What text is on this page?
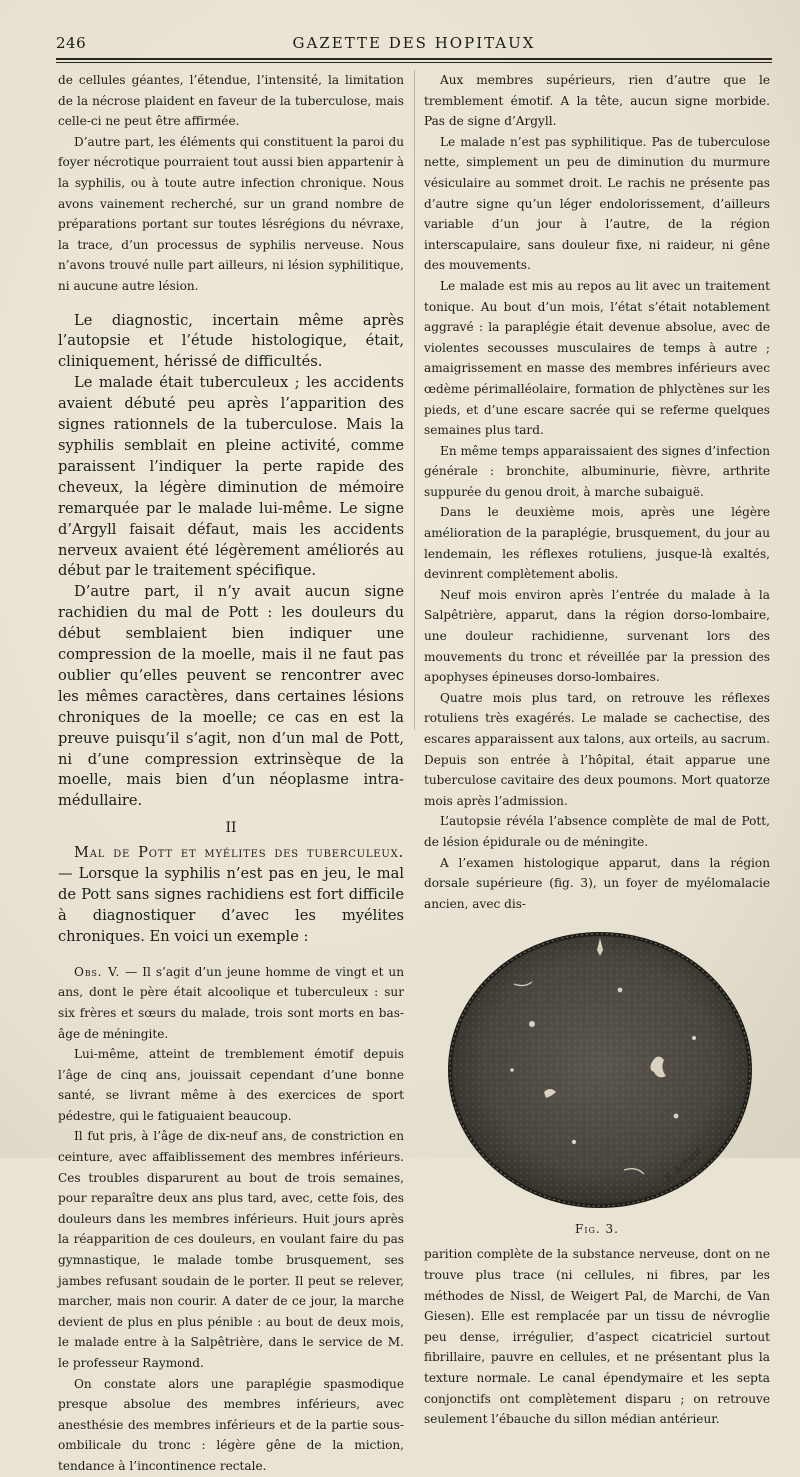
246	GAZETTE DES HOPITAUX

de cellules géantes, l’étendue, l’intensité, la limitation de la nécrose plaident en faveur de la tuberculose, mais celle-ci ne peut être affirmée.

D’autre part, les éléments qui constituent la paroi du foyer nécrotique pourraient tout aussi bien appartenir à la syphilis, ou à toute autre infection chronique. Nous avons vainement recherché, sur un grand nombre de préparations portant sur toutes lésrégions du névraxe, la trace, d’un processus de syphilis nerveuse. Nous n’avons trouvé nulle part ailleurs, ni lésion syphilitique, ni aucune autre lésion.

Le diagnostic, incertain même après l’autopsie et l’étude histologique, était, cliniquement, hérissé de difficultés.

Le malade était tuberculeux ; les accidents avaient débuté peu après l’apparition des signes rationnels de la tuberculose. Mais la syphilis semblait en pleine activité, comme paraissent l’indiquer la perte rapide des cheveux, la légère diminution de mémoire remarquée par le malade lui-même. Le signe d’Argyll faisait défaut, mais les accidents nerveux avaient été légèrement améliorés au début par le traitement spécifique.

D’autre part, il n’y avait aucun signe rachidien du mal de Pott : les douleurs du début semblaient bien indiquer une compression de la moelle, mais il ne faut pas oublier qu’elles peuvent se rencontrer avec les mêmes caractères, dans certaines lésions chroniques de la moelle; ce cas en est la preuve puisqu’il s’agit, non d’un mal de Pott, ni d’une compression extrinsèque de la moelle, mais bien d’un néoplasme intra-médullaire.

II

Mal de Pott et myélites des tuberculeux. — Lorsque la syphilis n’est pas en jeu, le mal de Pott sans signes rachidiens est fort difficile à diagnostiquer d’avec les myélites chroniques. En voici un exemple :

Obs. V. — Il s’agit d’un jeune homme de vingt et un ans, dont le père était alcoolique et tuberculeux : sur six frères et sœurs du malade, trois sont morts en bas-âge de méningite.

Lui-même, atteint de tremblement émotif depuis l’âge de cinq ans, jouissait cependant d’une bonne santé, se livrant même à des exercices de sport pédestre, qui le fatiguaient beaucoup.

Il fut pris, à l’âge de dix-neuf ans, de constriction en ceinture, avec affaiblissement des membres inférieurs. Ces troubles disparurent au bout de trois semaines, pour reparaître deux ans plus tard, avec, cette fois, des douleurs dans les membres inférieurs. Huit jours après la réapparition de ces douleurs, en voulant faire du pas gymnastique, le malade tombe brusquement, ses jambes refusant soudain de le porter. Il peut se relever, marcher, mais non courir. A dater de ce jour, la marche devient de plus en plus pénible : au bout de deux mois, le malade entre à la Salpêtrière, dans le service de M. le professeur Raymond.

On constate alors une paraplégie spasmodique presque absolue des membres inférieurs, avec anesthésie des membres inférieurs et de la partie sous-ombilicale du tronc : légère gêne de la miction, tendance à l’incontinence rectale.

Aux membres supérieurs, rien d’autre que le tremblement émotif. A la tête, aucun signe morbide. Pas de signe d’Argyll.

Le malade n’est pas syphilitique. Pas de tuberculose nette, simplement un peu de diminution du murmure vésiculaire au sommet droit. Le rachis ne présente pas d’autre signe qu’un léger endolorissement, d’ailleurs variable d’un jour à l’autre, de la région interscapulaire, sans douleur fixe, ni raideur, ni gêne des mouvements.

Le malade est mis au repos au lit avec un traitement tonique. Au bout d’un mois, l’état s’était notablement aggravé : la paraplégie était devenue absolue, avec de violentes secousses musculaires de temps à autre ; amaigrissement en masse des membres inférieurs avec œdème périmalléolaire, formation de phlyctènes sur les pieds, et d’une escare sacrée qui se referme quelques semaines plus tard.

En même temps apparaissaient des signes d’infection générale : bronchite, albuminurie, fièvre, arthrite suppurée du genou droit, à marche subaiguë.

Dans le deuxième mois, après une légère amélioration de la paraplégie, brusquement, du jour au lendemain, les réflexes rotuliens, jusque-là exaltés, devinrent complètement abolis.

Neuf mois environ après l’entrée du malade à la Salpêtrière, apparut, dans la région dorso-lombaire, une douleur rachidienne, survenant lors des mouvements du tronc et réveillée par la pression des apophyses épineuses dorso-lombaires.

Quatre mois plus tard, on retrouve les réflexes rotuliens très exagérés. Le malade se cachectise, des escares apparaissent aux talons, aux orteils, au sacrum. Depuis son entrée à l’hôpital, était apparue une tuberculose cavitaire des deux poumons. Mort quatorze mois après l’admission.

L’autopsie révéla l’absence complète de mal de Pott, de lésion épidurale ou de méningite.

A l’examen histologique apparut, dans la région dorsale supérieure (fig. 3), un foyer de myélomalacie ancien, avec dis-

E. Achard
Fig. 3.

parition complète de la substance nerveuse, dont on ne trouve plus trace (ni cellules, ni fibres, par les méthodes de Nissl, de Weigert Pal, de Marchi, de Van Giesen). Elle est remplacée par un tissu de névroglie peu dense, irrégulier, d’aspect cicatriciel surtout fibrillaire, pauvre en cellules, et ne présentant plus la texture normale. Le canal épendymaire et les septa conjonctifs ont complètement disparu ; on retrouve seulement l’ébauche du sillon médian antérieur.
